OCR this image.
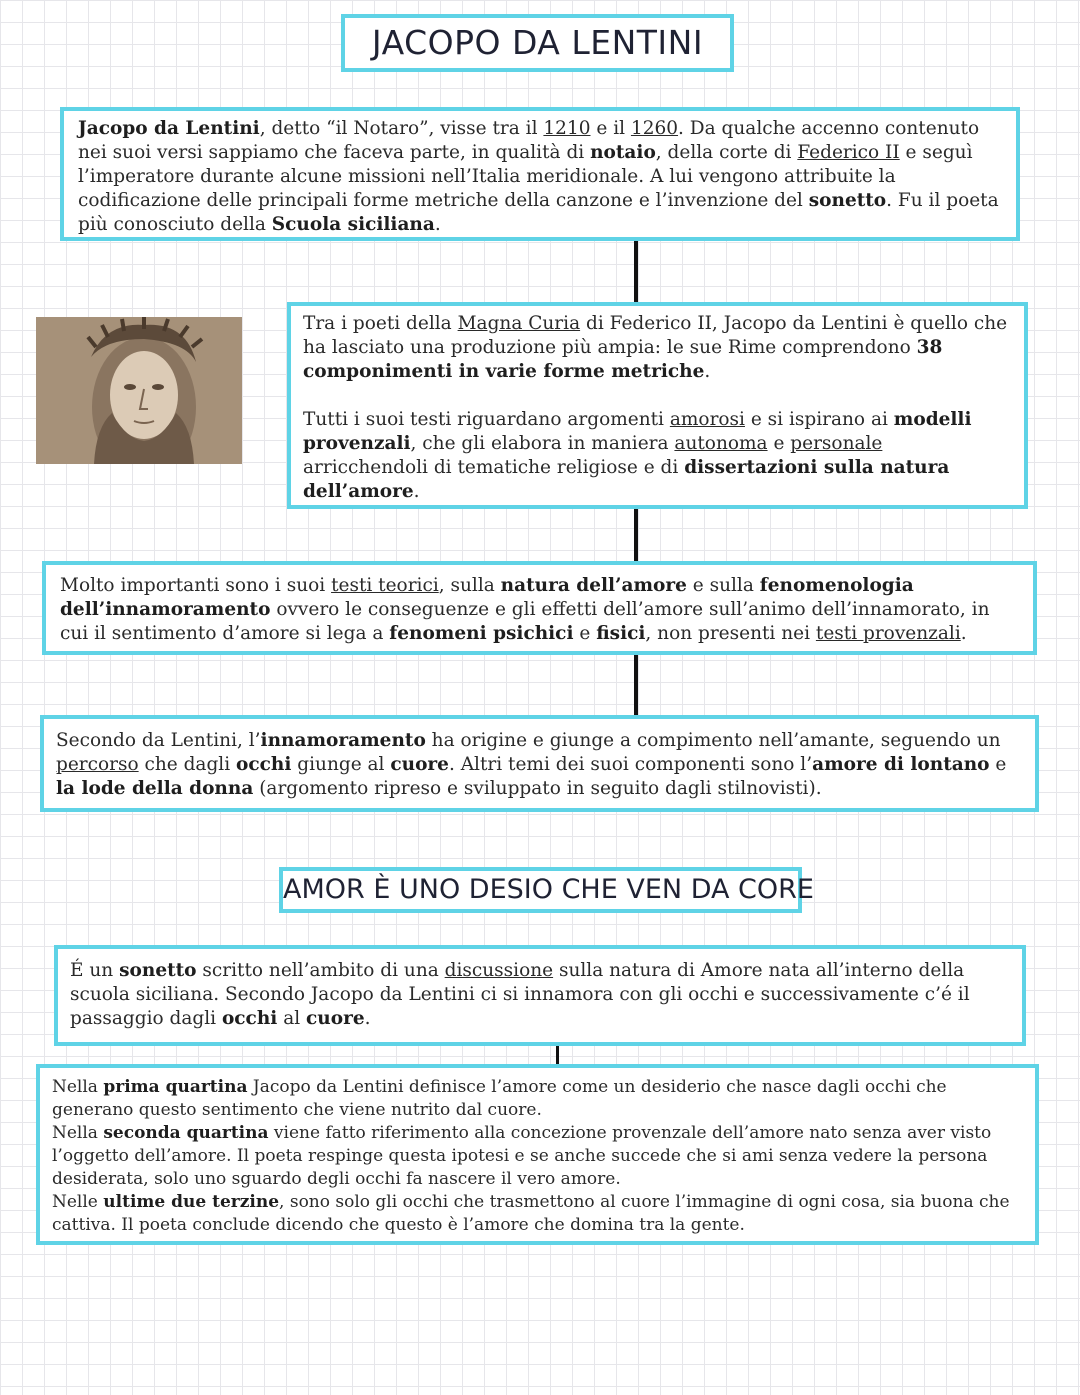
JACOPO DA LENTINI

Jacopo da Lentini, detto “il Notaro”, visse tra il 1210 e il 1260. Da qualche accenno contenuto nei suoi versi sappiamo che faceva parte, in qualità di notaio, della corte di Federico II e seguì l’imperatore durante alcune missioni nell’Italia meridionale. A lui vengono attribuite la codificazione delle principali forme metriche della canzone e l’invenzione del sonetto. Fu il poeta più conosciuto della Scuola siciliana.

Tra i poeti della Magna Curia di Federico II, Jacopo da Lentini è quello che ha lasciato una produzione più ampia: le sue Rime comprendono 38 componimenti in varie forme metriche.

Tutti i suoi testi riguardano argomenti amorosi e si ispirano ai modelli provenzali, che gli elabora in maniera autonoma e personale arricchendoli di tematiche religiose e di dissertazioni sulla natura dell’amore.

Molto importanti sono i suoi testi teorici, sulla natura dell’amore e sulla fenomenologia dell’innamoramento ovvero le conseguenze e gli effetti dell’amore sull’animo dell’innamorato, in cui il sentimento d’amore si lega a fenomeni psichici e fisici, non presenti nei testi provenzali.

Secondo da Lentini, l’innamoramento ha origine e giunge a compimento nell’amante, seguendo un percorso che dagli occhi giunge al cuore. Altri temi dei suoi componenti sono l’amore di lontano e la lode della donna (argomento ripreso e sviluppato in seguito dagli stilnovisti).

AMOR È UNO DESIO CHE VEN DA CORE

É un sonetto scritto nell’ambito di una discussione sulla natura di Amore nata all’interno della scuola siciliana. Secondo Jacopo da Lentini ci si innamora con gli occhi e successivamente c’é il passaggio dagli occhi al cuore.

Nella prima quartina Jacopo da Lentini definisce l’amore come un desiderio che nasce dagli occhi che generano questo sentimento che viene nutrito dal cuore.

Nella seconda quartina viene fatto riferimento alla concezione provenzale dell’amore nato senza aver visto l’oggetto dell’amore. Il poeta respinge questa ipotesi e se anche succede che si ami senza vedere la persona desiderata, solo uno sguardo degli occhi fa nascere il vero amore.

Nelle ultime due terzine, sono solo gli occhi che trasmettono al cuore l’immagine di ogni cosa, sia buona che cattiva. Il poeta conclude dicendo che questo è l’amore che domina tra la gente.
